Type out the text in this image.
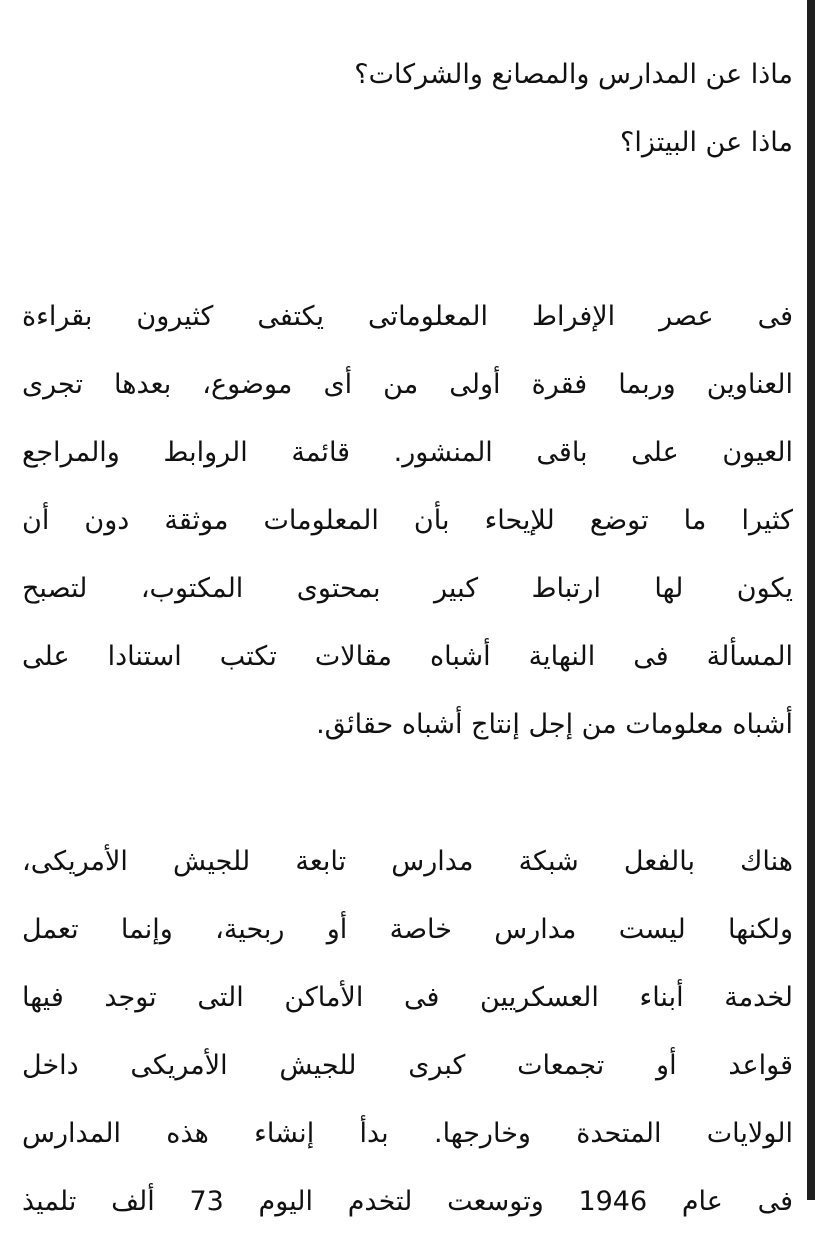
ماذا عن المدارس والمصانع والشركات؟
ماذا عن البيتزا؟
فى عصر الإفراط المعلوماتى يكتفى كثيرون بقراءة
العناوين وربما فقرة أولى من أى موضوع، بعدها تجرى
العيون على باقى المنشور. قائمة الروابط والمراجع
كثيرا ما توضع للإيحاء بأن المعلومات موثقة دون أن
يكون لها ارتباط كبير بمحتوى المكتوب، لتصبح
المسألة فى النهاية أشباه مقالات تكتب استنادا على
أشباه معلومات من إجل إنتاج أشباه حقائق.
هناك بالفعل شبكة مدارس تابعة للجيش الأمريكى،
ولكنها ليست مدارس خاصة أو ربحية، وإنما تعمل
لخدمة أبناء العسكريين فى الأماكن التى توجد فيها
قواعد أو تجمعات كبرى للجيش الأمريكى داخل
الولايات المتحدة وخارجها. بدأ إنشاء هذه المدارس
فى عام 1946 وتوسعت لتخدم اليوم 73 ألف تلميذ
